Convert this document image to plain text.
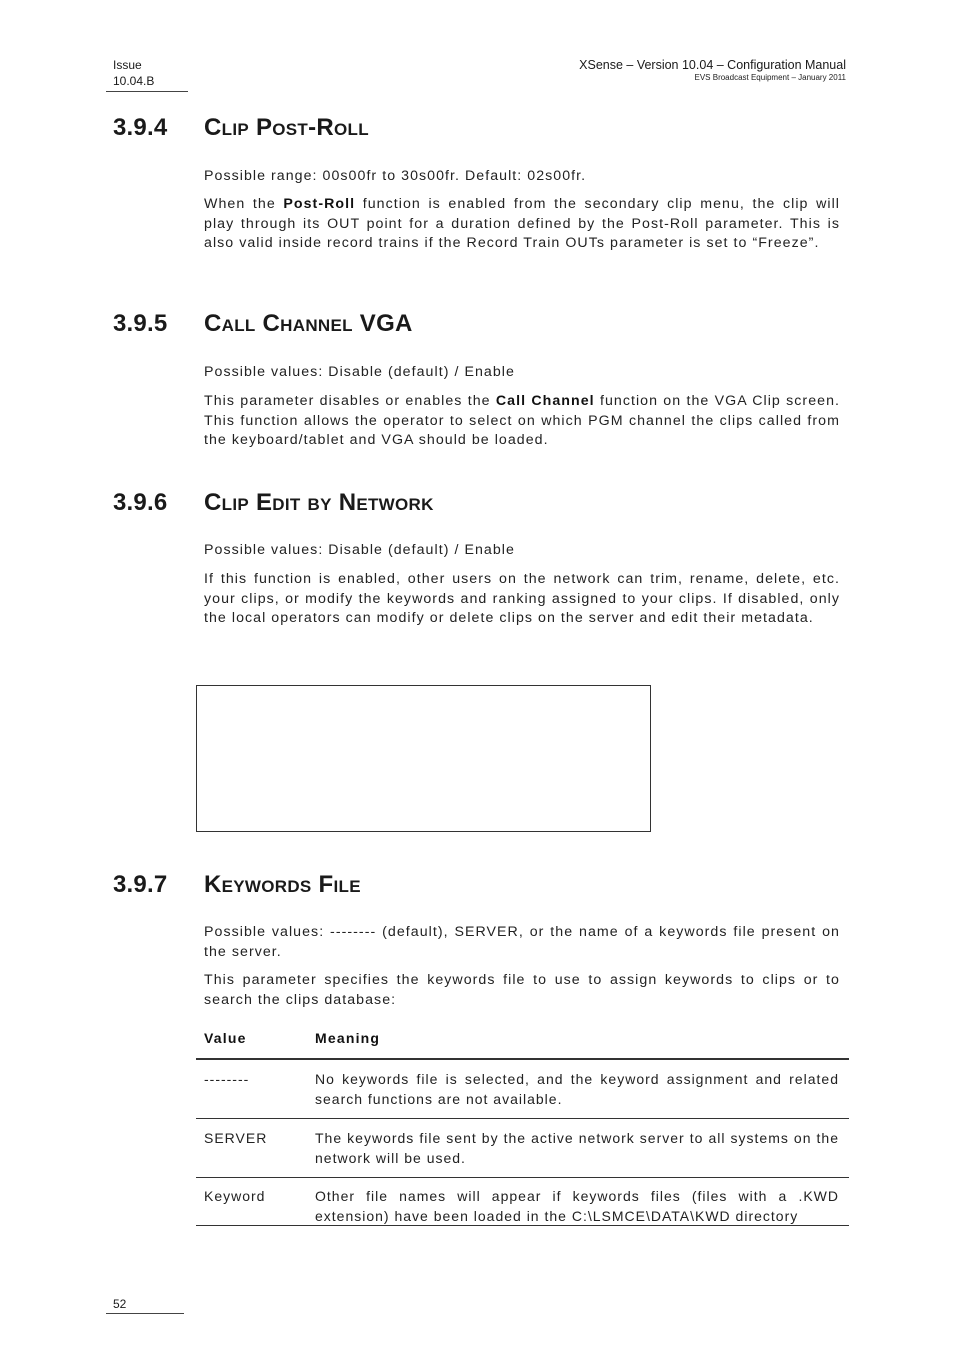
Issue
10.04.B
XSense – Version 10.04 – Configuration Manual
EVS Broadcast Equipment – January 2011
3.9.4	Clip Post-Roll
Possible range: 00s00fr to 30s00fr. Default: 02s00fr.
When the Post-Roll function is enabled from the secondary clip menu, the clip will play through its OUT point for a duration defined by the Post-Roll parameter. This is also valid inside record trains if the Record Train OUTs parameter is set to “Freeze”.
3.9.5	Call Channel VGA
Possible values: Disable (default) / Enable
This parameter disables or enables the Call Channel function on the VGA Clip screen. This function allows the operator to select on which PGM channel the clips called from the keyboard/tablet and VGA should be loaded.
3.9.6	Clip Edit by Network
Possible values: Disable (default) / Enable
If this function is enabled, other users on the network can trim, rename, delete, etc. your clips, or modify the keywords and ranking assigned to your clips. If disabled, only the local operators can modify or delete clips on the server and edit their metadata.
3.9.7	Keywords File
Possible values: -------- (default), SERVER, or the name of a keywords file present on the server.
This parameter specifies the keywords file to use to assign keywords to clips or to search the clips database:
Value	Meaning
--------	No keywords file is selected, and the keyword assignment and related search functions are not available.
SERVER	The keywords file sent by the active network server to all systems on the network will be used.
Keyword	Other file names will appear if keywords files (files with a .KWD extension) have been loaded in the C:\LSMCE\DATA\KWD directory
52
